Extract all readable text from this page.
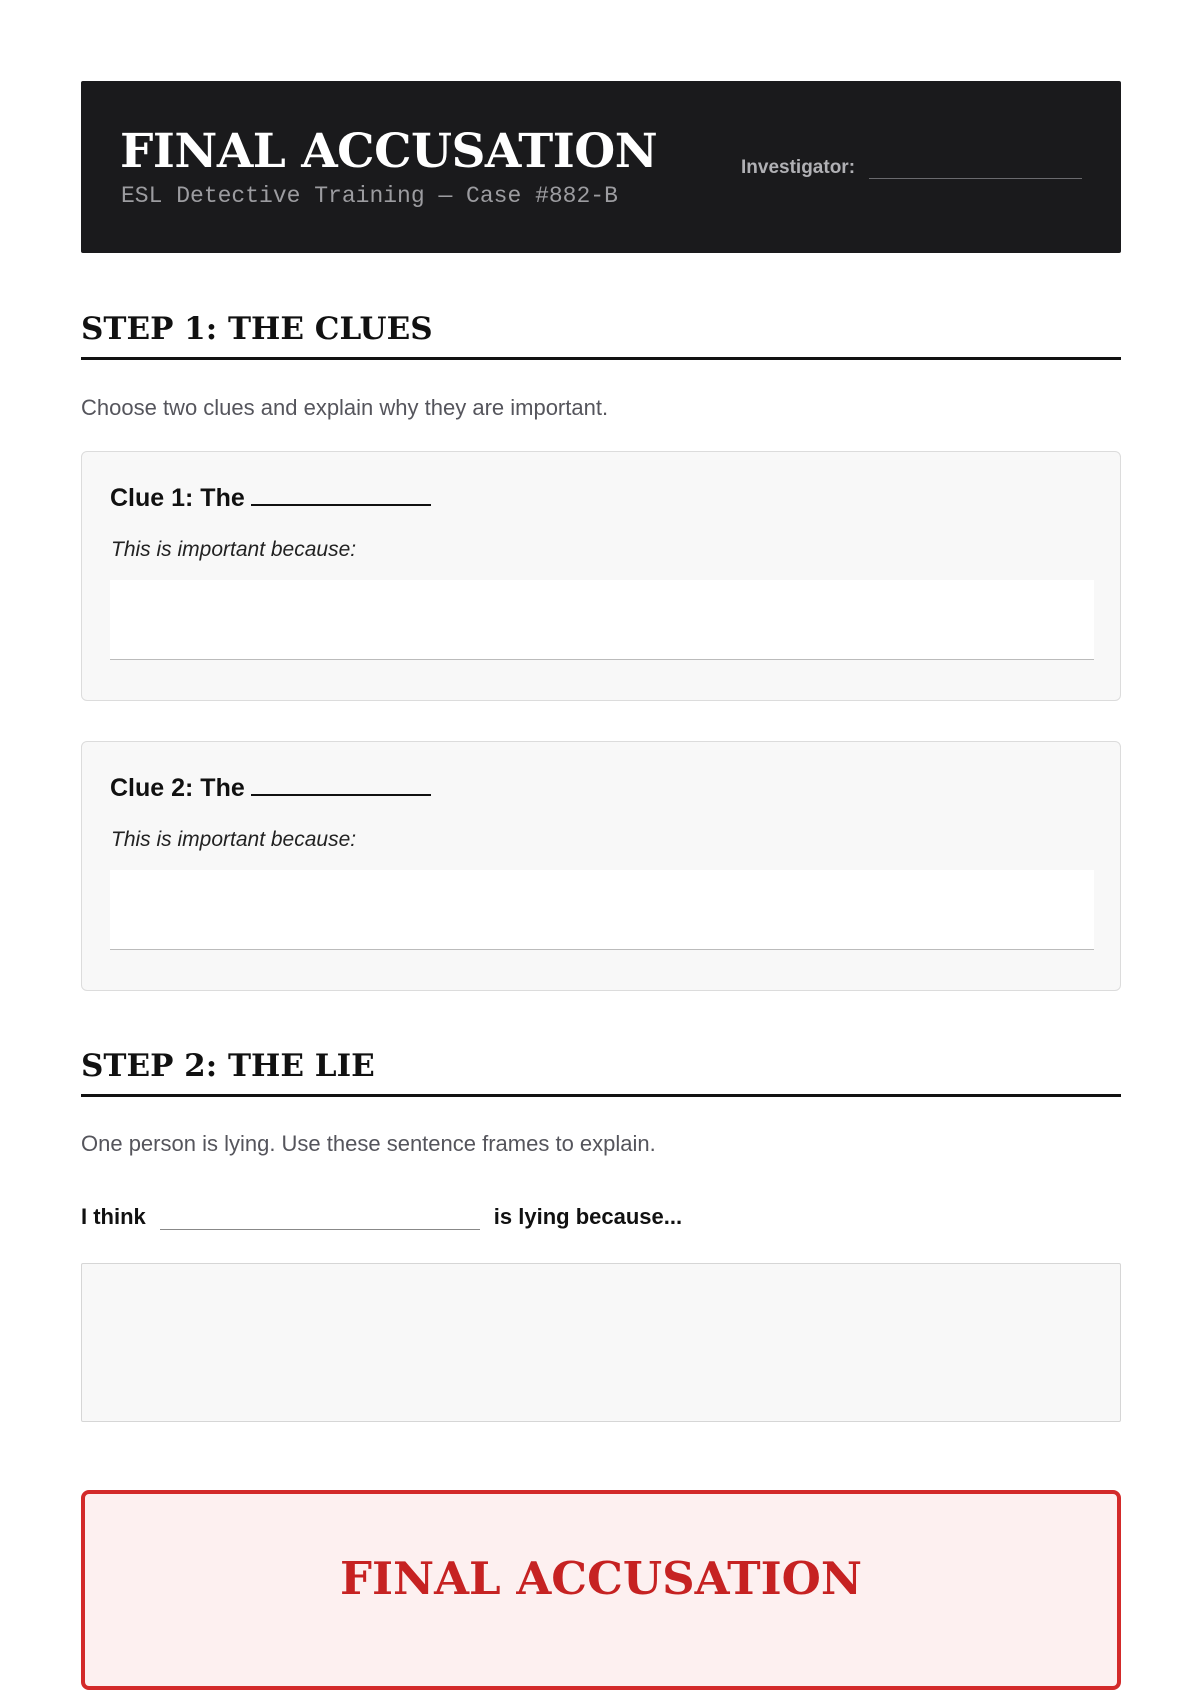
FINAL ACCUSATION
ESL Detective Training — Case #882-B
Investigator:
STEP 1: THE CLUES
Choose two clues and explain why they are important.
Clue 1: The
This is important because:
Clue 2: The
This is important because:
STEP 2: THE LIE
One person is lying. Use these sentence frames to explain.
I think	is lying because...
FINAL ACCUSATION
